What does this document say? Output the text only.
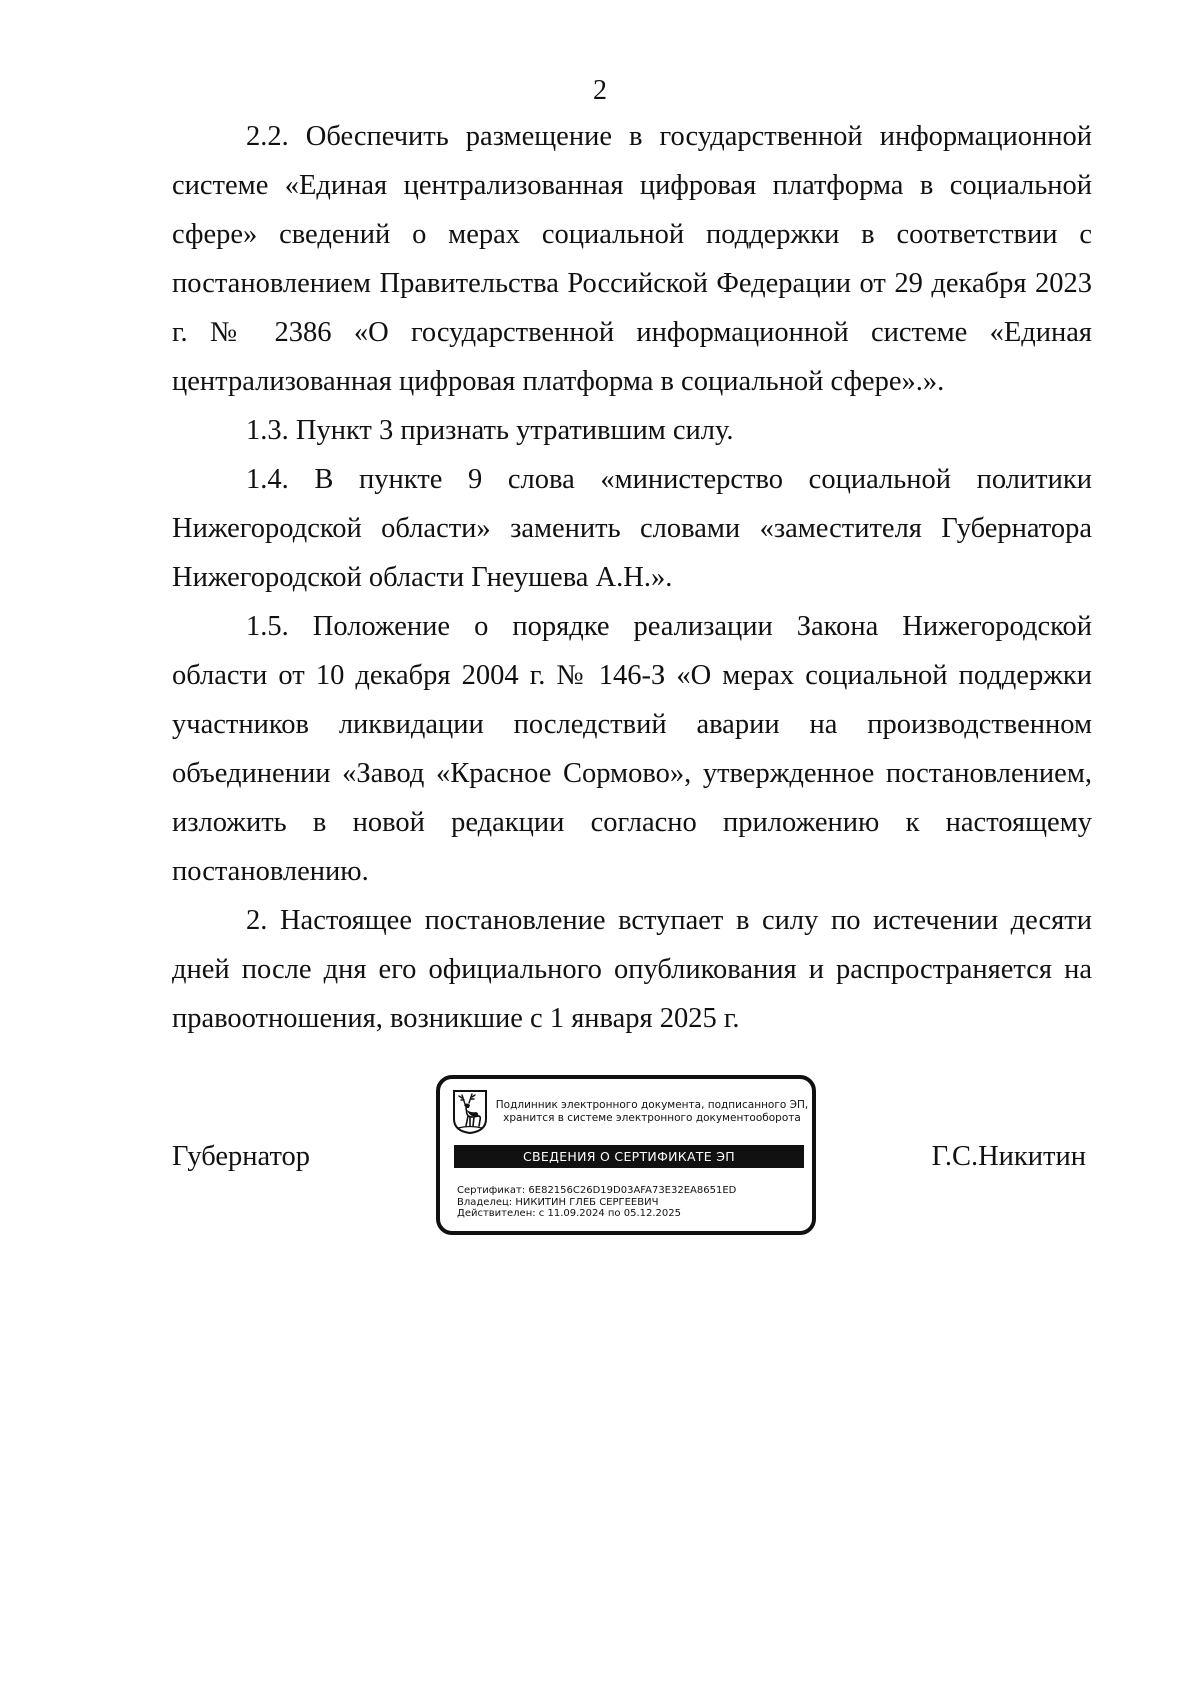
2

2.2. Обеспечить размещение в государственной информационной системе «Единая централизованная цифровая платформа в социальной сфере» сведений о мерах социальной поддержки в соответствии с постановлением Правительства Российской Федерации от 29 декабря 2023 г. № 2386 «О государственной информационной системе «Единая централизованная цифровая платформа в социальной сфере».».

1.3. Пункт 3 признать утратившим силу.

1.4. В пункте 9 слова «министерство социальной политики Нижегородской области» заменить словами «заместителя Губернатора Нижегородской области Гнеушева А.Н.».

1.5. Положение о порядке реализации Закона Нижегородской области от 10 декабря 2004 г. № 146-З «О мерах социальной поддержки участников ликвидации последствий аварии на производственном объединении «Завод «Красное Сормово», утвержденное постановлением, изложить в новой редакции согласно приложению к настоящему постановлению.

2. Настоящее постановление вступает в силу по истечении десяти дней после дня его официального опубликования и распространяется на правоотношения, возникшие с 1 января 2025 г.

Губернатор
Подлинник электронного документа, подписанного ЭП,
хранится в системе электронного документооборота
СВЕДЕНИЯ О СЕРТИФИКАТЕ ЭП
Сертификат: 6E82156C26D19D03AFA73E32EA8651ED
Владелец: НИКИТИН ГЛЕБ СЕРГЕЕВИЧ
Действителен: с 11.09.2024 по 05.12.2025
Г.С.Никитин
